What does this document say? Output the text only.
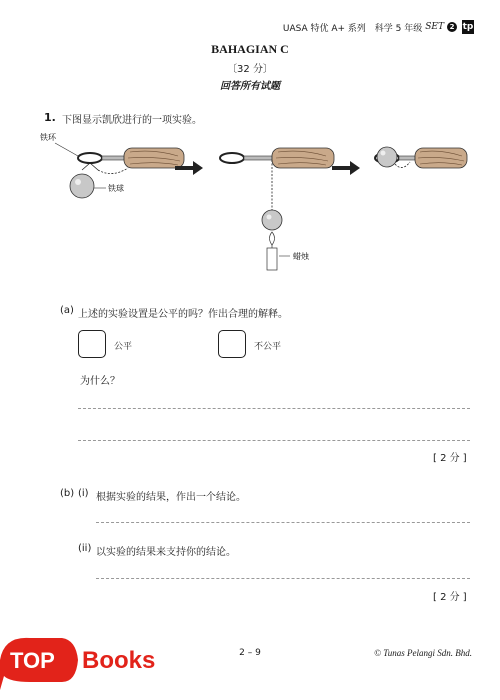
UASA 特优 A+ 系列
科学 5 年级 SET 2 tp
BAHAGIAN C
〔32 分〕
回答所有试题
1. 下图显示凯欣进行的一项实验。
铁环
铁球
蜡烛
(a) 上述的实验设置是公平的吗？作出合理的解释。
公平	不公平
为什么？
[ 2 分 ]
(b) (i) 根据实验的结果，作出一个结论。
(ii) 以实验的结果来支持你的结论。
[ 2 分 ]
2 – 9	© Tunas Pelangi Sdn. Bhd.
TOP Books
